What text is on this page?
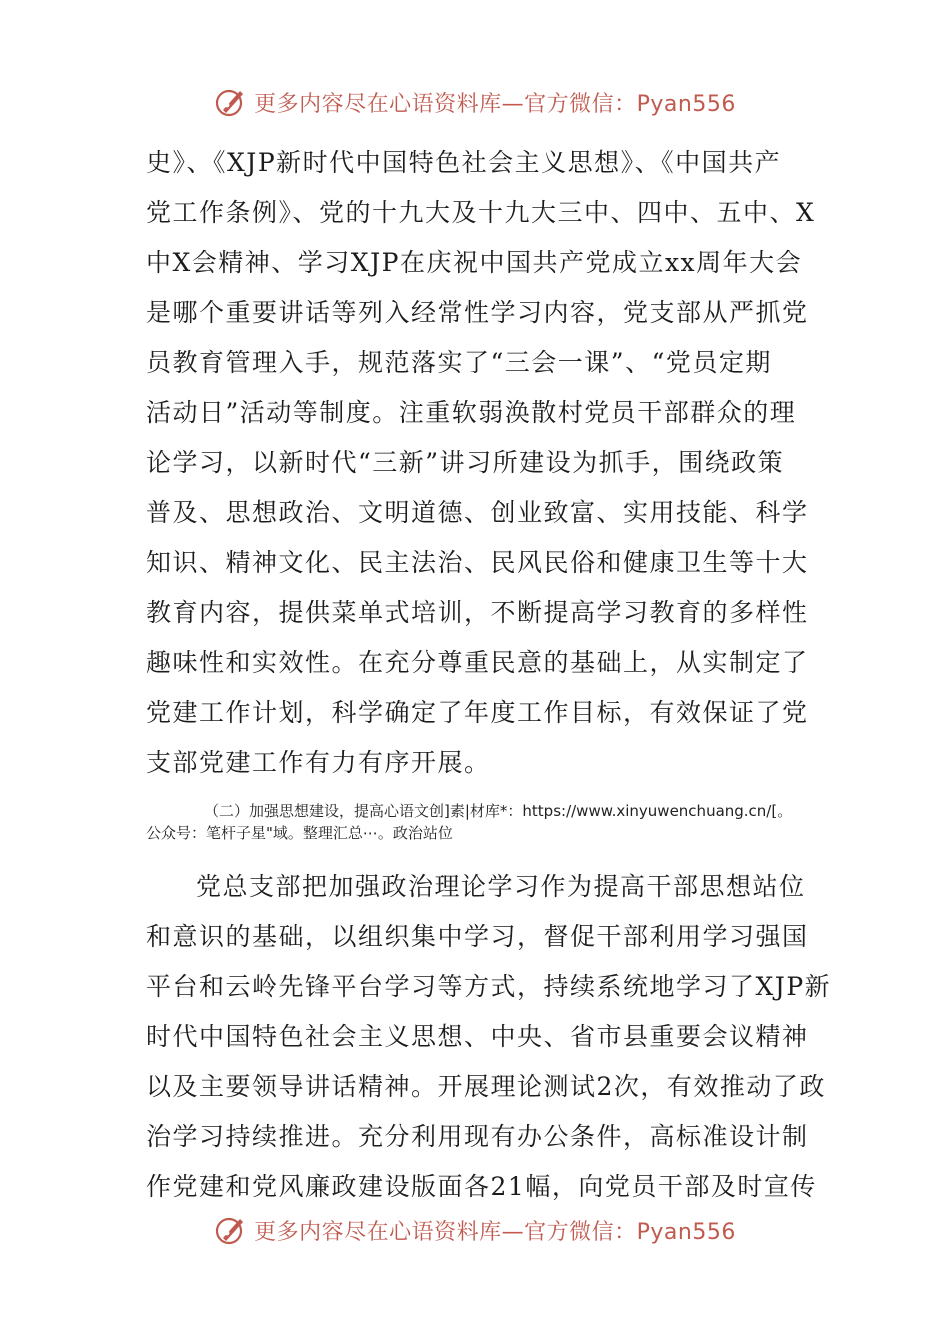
更多内容尽在心语资料库—官方微信：Pyan556
史》、《XJP新时代中国特色社会主义思想》、《中国共产
党工作条例》、党的十九大及十九大三中、四中、五中、X
中X会精神、学习XJP在庆祝中国共产党成立xx周年大会
是哪个重要讲话等列入经常性学习内容，党支部从严抓党
员教育管理入手，规范落实了“三会一课”、“党员定期
活动日”活动等制度。注重软弱涣散村党员干部群众的理
论学习，以新时代“三新”讲习所建设为抓手，围绕政策
普及、思想政治、文明道德、创业致富、实用技能、科学
知识、精神文化、民主法治、民风民俗和健康卫生等十大
教育内容，提供菜单式培训，不断提高学习教育的多样性
趣味性和实效性。在充分尊重民意的基础上，从实制定了
党建工作计划，科学确定了年度工作目标，有效保证了党
支部党建工作有力有序开展。
（二）加强思想建设，提高心语文创]素|材库*：https://www.xinyuwenchuang.cn/[。
公众号：笔杆子星"域。整理汇总⋯。政治站位
党总支部把加强政治理论学习作为提高干部思想站位
和意识的基础，以组织集中学习，督促干部利用学习强国
平台和云岭先锋平台学习等方式，持续系统地学习了XJP新
时代中国特色社会主义思想、中央、省市县重要会议精神
以及主要领导讲话精神。开展理论测试2次，有效推动了政
治学习持续推进。充分利用现有办公条件，高标准设计制
作党建和党风廉政建设版面各21幅，向党员干部及时宣传
更多内容尽在心语资料库—官方微信：Pyan556
